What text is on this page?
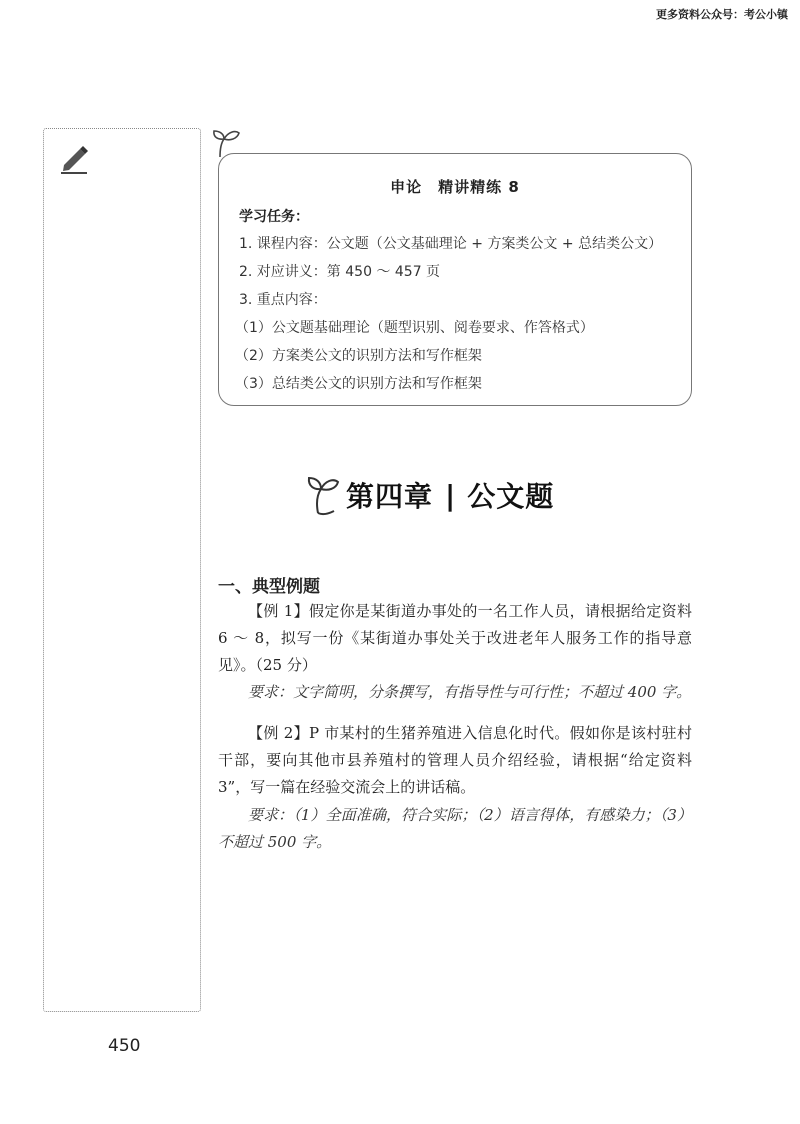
更多资料公众号：考公小镇
申论　精讲精练 8
学习任务：
1. 课程内容：公文题（公文基础理论 + 方案类公文 + 总结类公文）
2. 对应讲义：第 450 ～ 457 页
3. 重点内容：
（1）公文题基础理论（题型识别、阅卷要求、作答格式）
（2）方案类公文的识别方法和写作框架
（3）总结类公文的识别方法和写作框架
第四章 | 公文题
一、典型例题
【例 1】假定你是某街道办事处的一名工作人员，请根据给定资料 6 ～ 8，拟写一份《某街道办事处关于改进老年人服务工作的指导意见》。（25 分）
要求：文字简明，分条撰写，有指导性与可行性；不超过 400 字。
【例 2】P 市某村的生猪养殖进入信息化时代。假如你是该村驻村干部，要向其他市县养殖村的管理人员介绍经验，请根据“给定资料 3”，写一篇在经验交流会上的讲话稿。
要求：（1）全面准确，符合实际；（2）语言得体，有感染力；（3）不超过 500 字。
450
